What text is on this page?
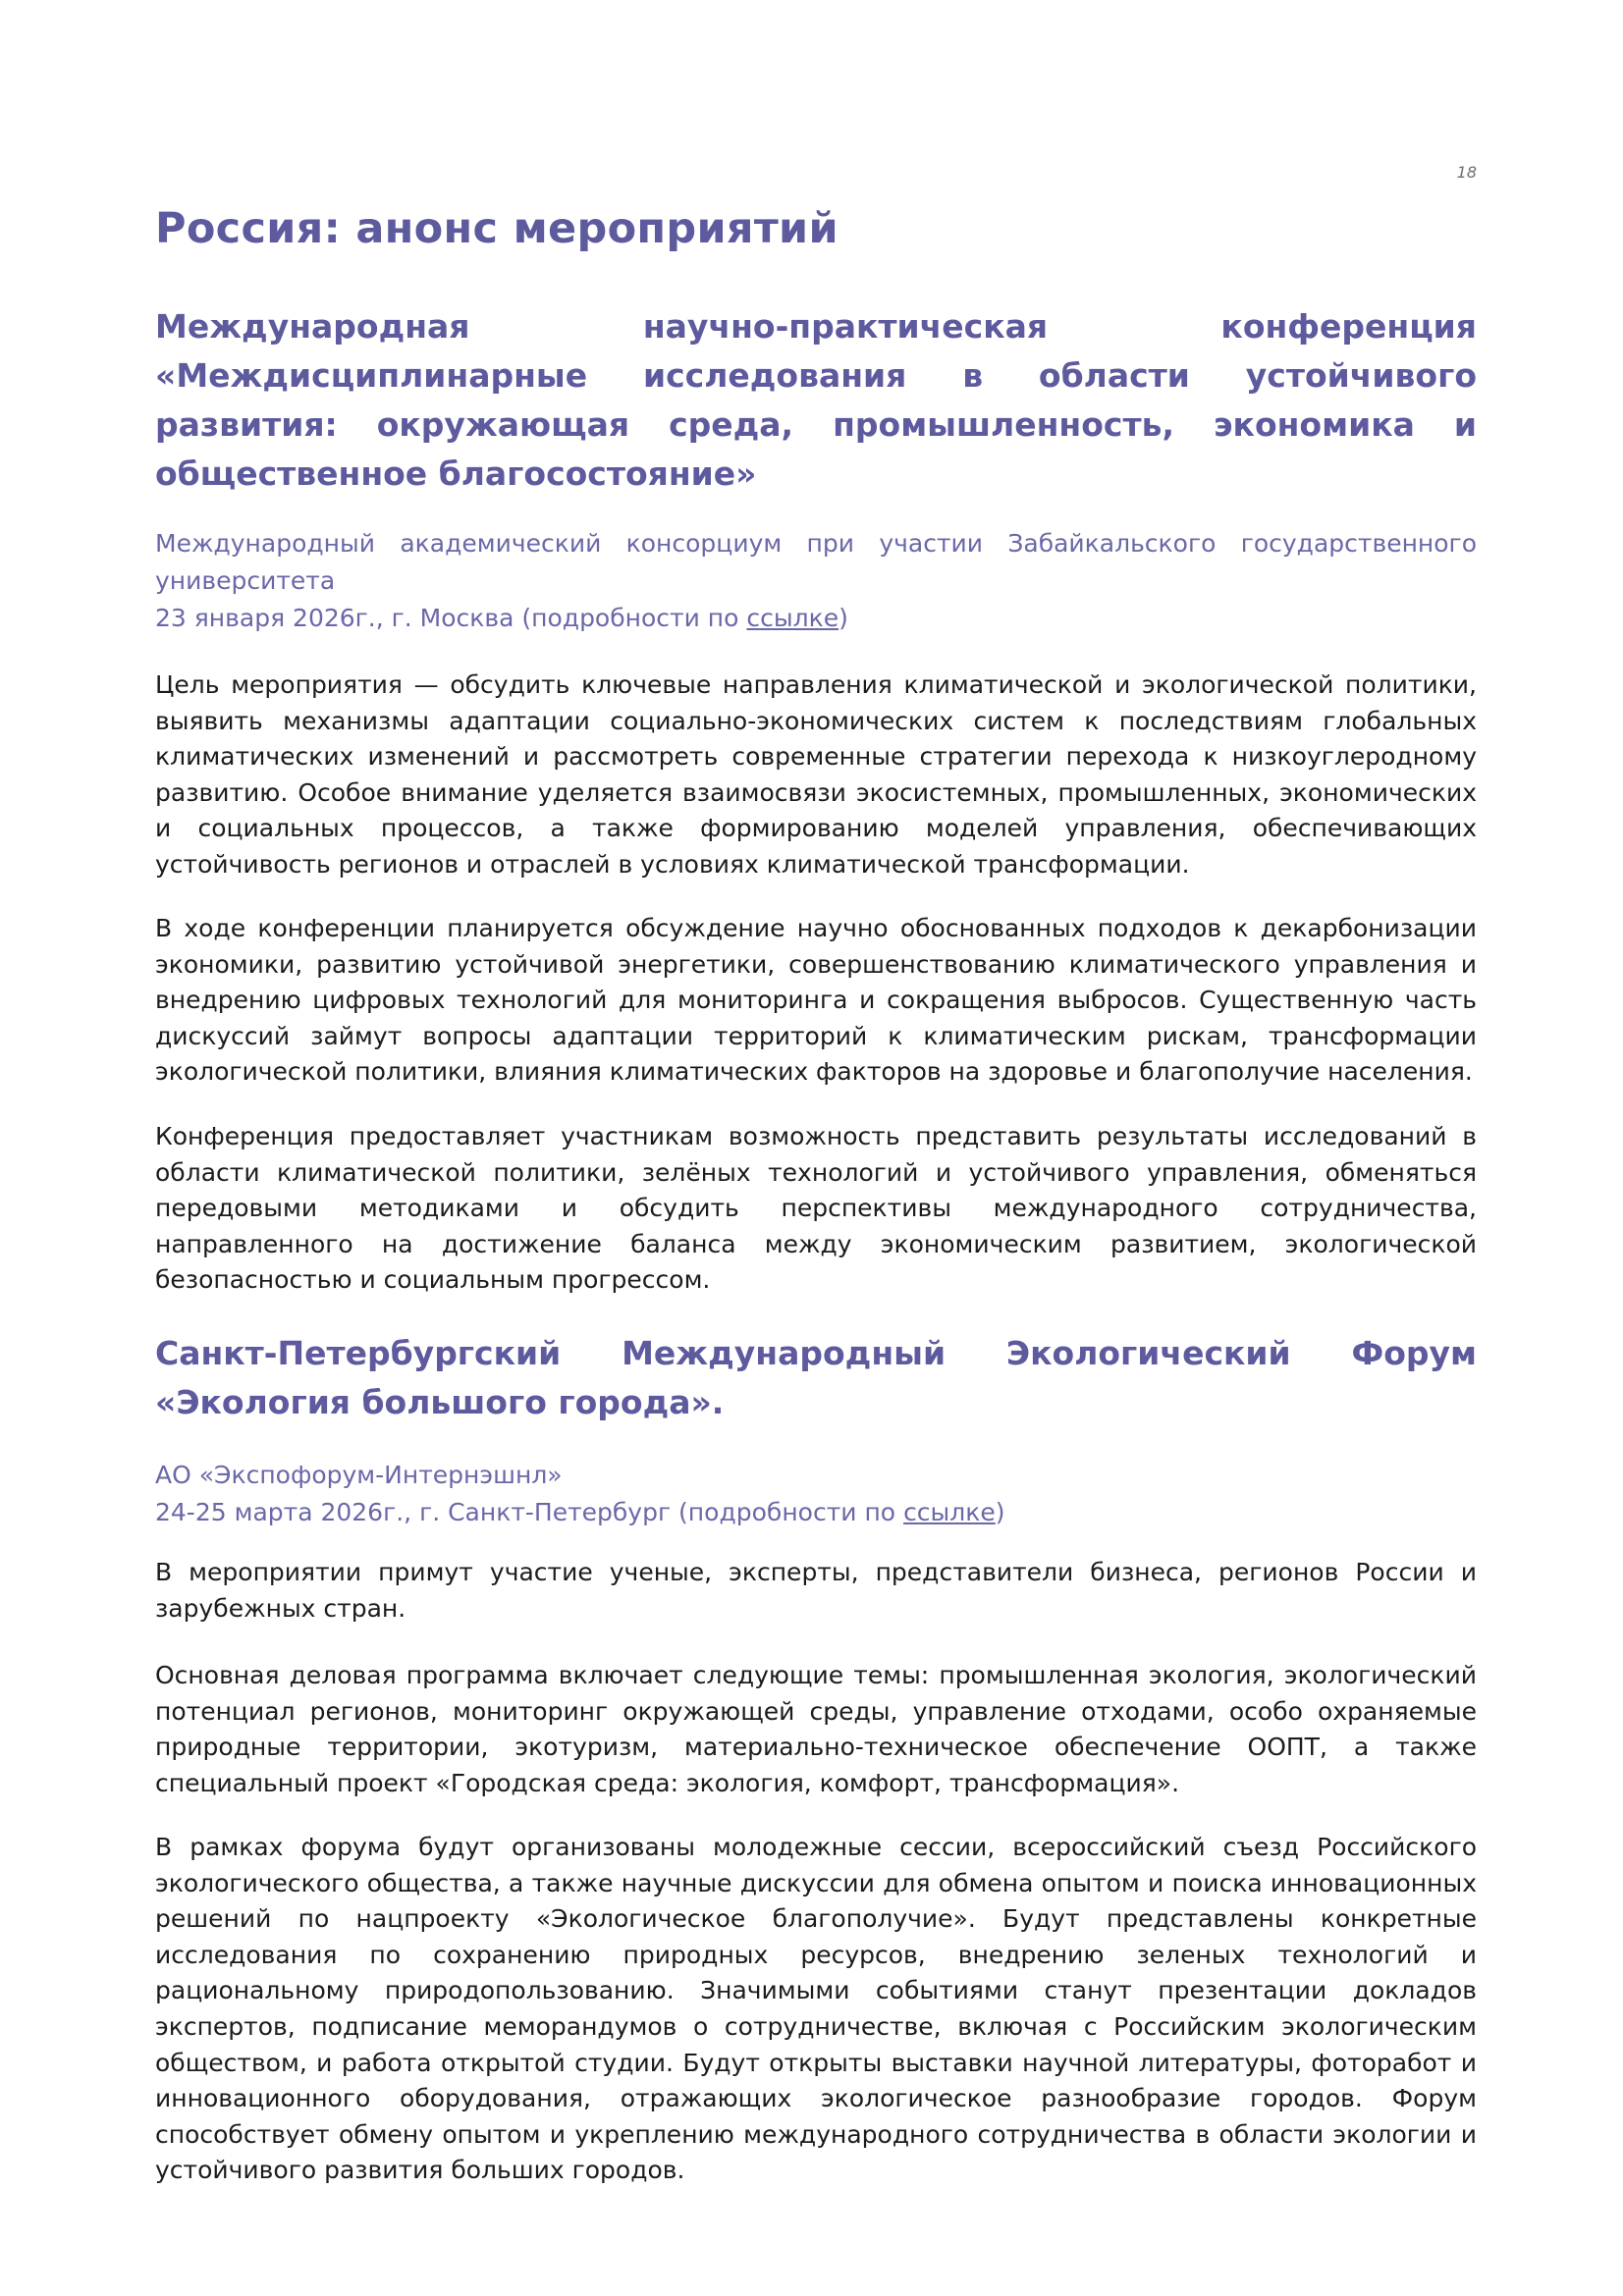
18
Россия: анонс мероприятий
Международная научно-практическая конференция «Междисциплинарные исследования в области устойчивого развития: окружающая среда, промышленность, экономика и общественное благосостояние»

Международный академический консорциум при участии Забайкальского государственного университета

23 января 2026г., г. Москва (подробности по ссылке)

Цель мероприятия — обсудить ключевые направления климатической и экологической политики, выявить механизмы адаптации социально-экономических систем к последствиям глобальных климатических изменений и рассмотреть современные стратегии перехода к низкоуглеродному развитию. Особое внимание уделяется взаимосвязи экосистемных, промышленных, экономических и социальных процессов, а также формированию моделей управления, обеспечивающих устойчивость регионов и отраслей в условиях климатической трансформации.

В ходе конференции планируется обсуждение научно обоснованных подходов к декарбонизации экономики, развитию устойчивой энергетики, совершенствованию климатического управления и внедрению цифровых технологий для мониторинга и сокращения выбросов. Существенную часть дискуссий займут вопросы адаптации территорий к климатическим рискам, трансформации экологической политики, влияния климатических факторов на здоровье и благополучие населения.

Конференция предоставляет участникам возможность представить результаты исследований в области климатической политики, зелёных технологий и устойчивого управления, обменяться передовыми методиками и обсудить перспективы международного сотрудничества, направленного на достижение баланса между экономическим развитием, экологической безопасностью и социальным прогрессом.

Санкт-Петербургский Международный Экологический Форум «Экология большого города».

АО «Экспофорум-Интернэшнл»

24-25 марта 2026г., г. Санкт-Петербург (подробности по ссылке)

В мероприятии примут участие ученые, эксперты, представители бизнеса, регионов России и зарубежных стран.

Основная деловая программа включает следующие темы: промышленная экология, экологический потенциал регионов, мониторинг окружающей среды, управление отходами, особо охраняемые природные территории, экотуризм, материально-техническое обеспечение ООПТ, а также специальный проект «Городская среда: экология, комфорт, трансформация».

В рамках форума будут организованы молодежные сессии, всероссийский съезд Российского экологического общества, а также научные дискуссии для обмена опытом и поиска инновационных решений по нацпроекту «Экологическое благополучие». Будут представлены конкретные исследования по сохранению природных ресурсов, внедрению зеленых технологий и рациональному природопользованию. Значимыми событиями станут презентации докладов экспертов, подписание меморандумов о сотрудничестве, включая с Российским экологическим обществом, и работа открытой студии. Будут открыты выставки научной литературы, фоторабот и инновационного оборудования, отражающих экологическое разнообразие городов. Форум способствует обмену опытом и укреплению международного сотрудничества в области экологии и устойчивого развития больших городов.
